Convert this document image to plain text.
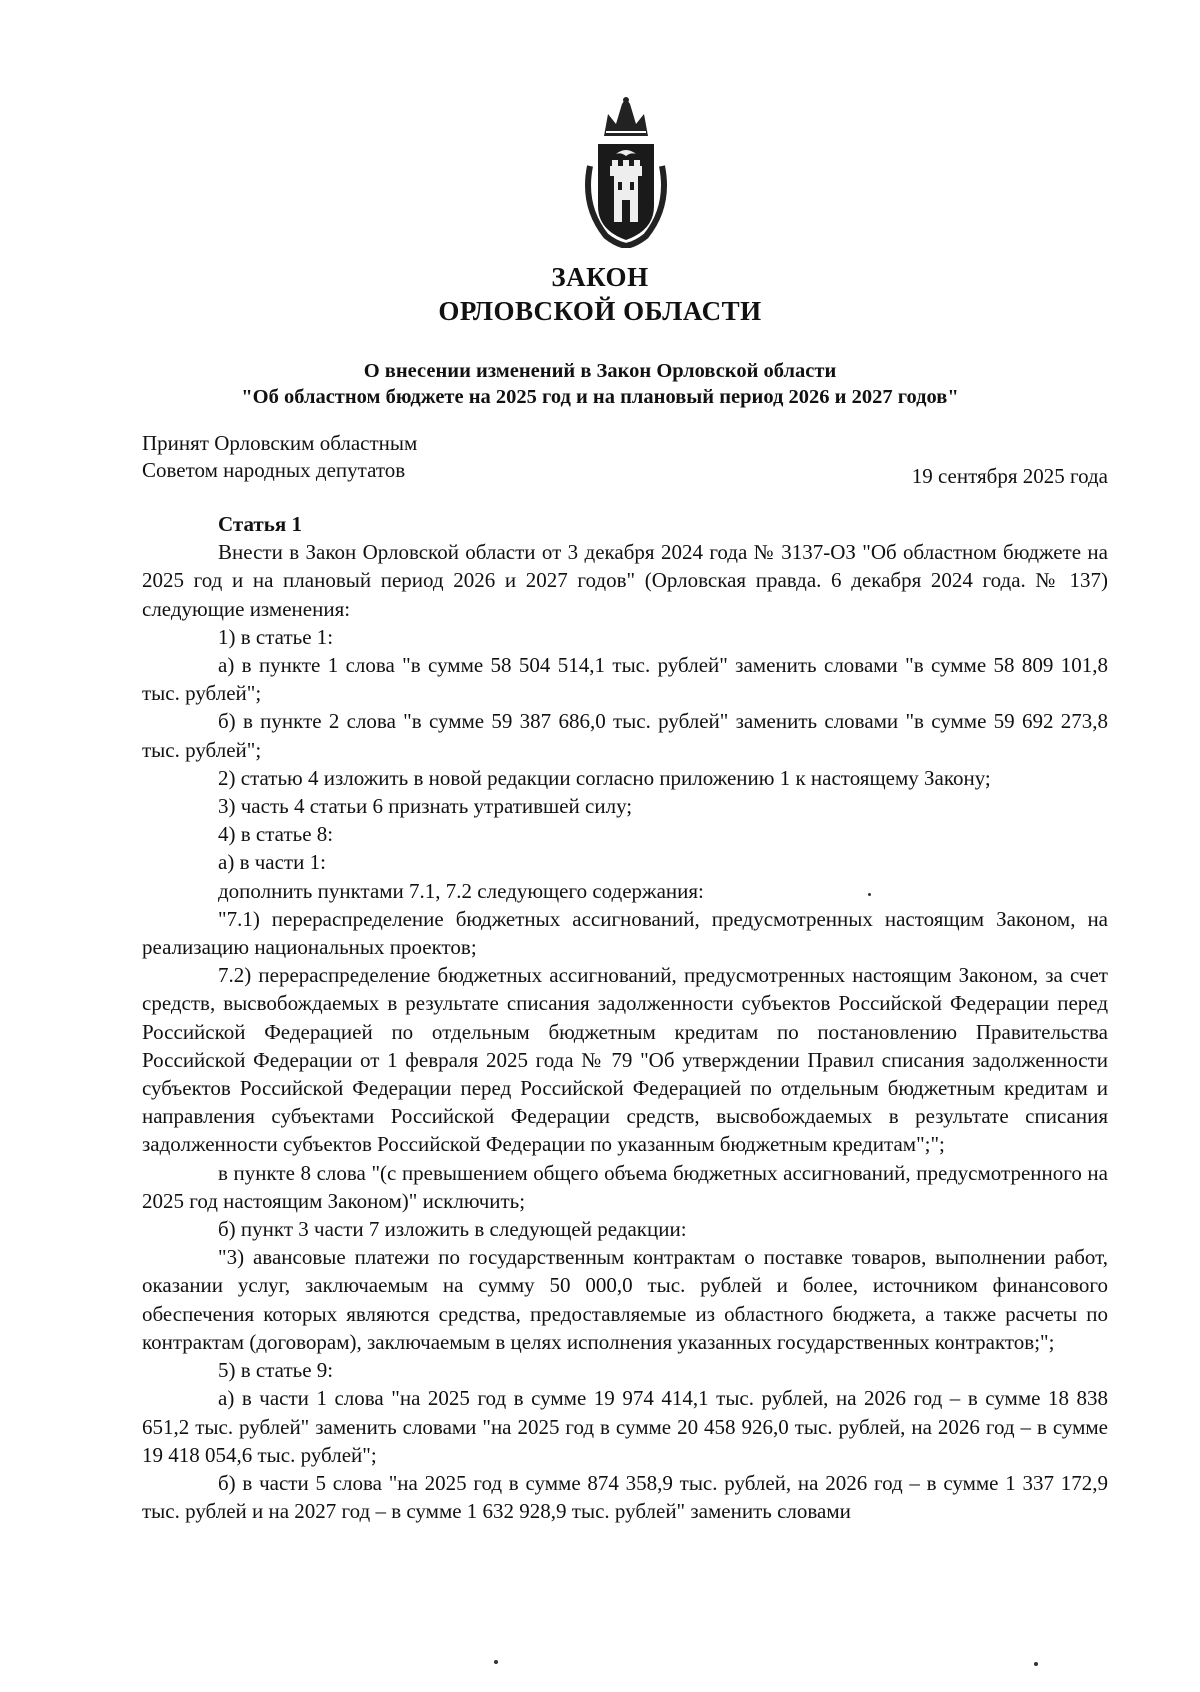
ЗАКОН
ОРЛОВСКОЙ ОБЛАСТИ
О внесении изменений в Закон Орловской области
"Об областном бюджете на 2025 год и на плановый период 2026 и 2027 годов"
Принят Орловским областным
Советом народных депутатов	19 сентября 2025 года

Статья 1

Внести в Закон Орловской области от 3 декабря 2024 года № 3137-ОЗ "Об областном бюджете на 2025 год и на плановый период 2026 и 2027 годов" (Орловская правда. 6 декабря 2024 года. № 137) следующие изменения:

1) в статье 1:

а) в пункте 1 слова "в сумме 58 504 514,1 тыс. рублей" заменить словами "в сумме 58 809 101,8 тыс. рублей";

б) в пункте 2 слова "в сумме 59 387 686,0 тыс. рублей" заменить словами "в сумме 59 692 273,8 тыс. рублей";

2) статью 4 изложить в новой редакции согласно приложению 1 к настоящему Закону;

3) часть 4 статьи 6 признать утратившей силу;

4) в статье 8:

а) в части 1:

дополнить пунктами 7.1, 7.2 следующего содержания:

"7.1) перераспределение бюджетных ассигнований, предусмотренных настоящим Законом, на реализацию национальных проектов;

7.2) перераспределение бюджетных ассигнований, предусмотренных настоящим Законом, за счет средств, высвобождаемых в результате списания задолженности субъектов Российской Федерации перед Российской Федерацией по отдельным бюджетным кредитам по постановлению Правительства Российской Федерации от 1 февраля 2025 года № 79 "Об утверждении Правил списания задолженности субъектов Российской Федерации перед Российской Федерацией по отдельным бюджетным кредитам и направления субъектами Российской Федерации средств, высвобождаемых в результате списания задолженности субъектов Российской Федерации по указанным бюджетным кредитам";";

в пункте 8 слова "(с превышением общего объема бюджетных ассигнований, предусмотренного на 2025 год настоящим Законом)" исключить;

б) пункт 3 части 7 изложить в следующей редакции:

"3) авансовые платежи по государственным контрактам о поставке товаров, выполнении работ, оказании услуг, заключаемым на сумму 50 000,0 тыс. рублей и более, источником финансового обеспечения которых являются средства, предоставляемые из областного бюджета, а также расчеты по контрактам (договорам), заключаемым в целях исполнения указанных государственных контрактов;";

5) в статье 9:

а) в части 1 слова "на 2025 год в сумме 19 974 414,1 тыс. рублей, на 2026 год – в сумме 18 838 651,2 тыс. рублей" заменить словами "на 2025 год в сумме 20 458 926,0 тыс. рублей, на 2026 год – в сумме 19 418 054,6 тыс. рублей";

б) в части 5 слова "на 2025 год в сумме 874 358,9 тыс. рублей, на 2026 год – в сумме 1 337 172,9 тыс. рублей и на 2027 год – в сумме 1 632 928,9 тыс. рублей" заменить словами
